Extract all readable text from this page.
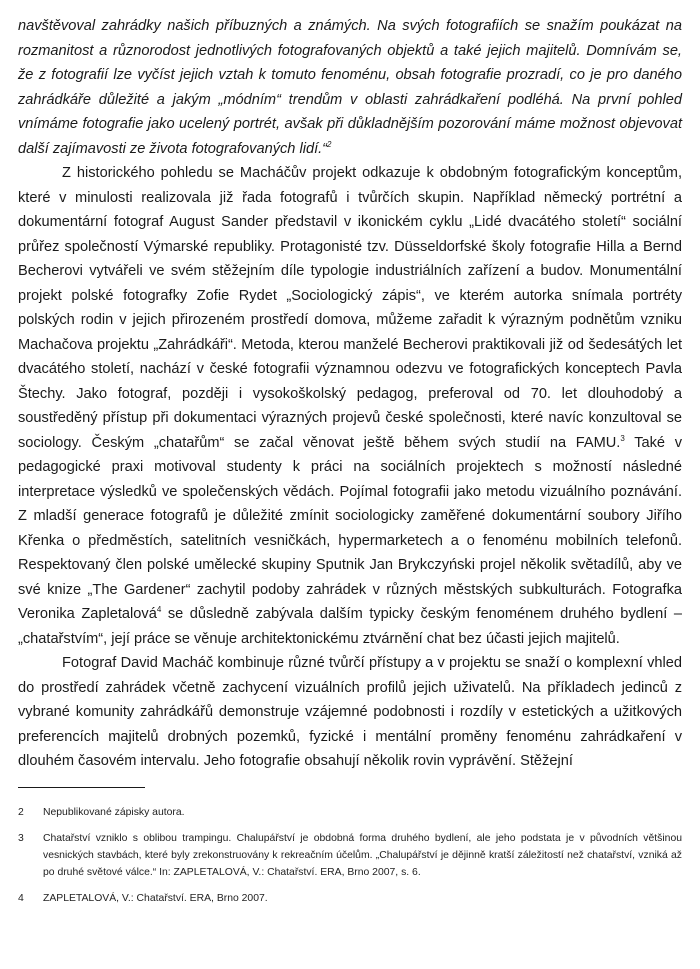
navštěvoval zahrádky našich příbuzných a známých. Na svých fotografiích se snažím poukázat na rozmanitost a různorodost jednotlivých fotografovaných objektů a také jejich majitelů. Domnívám se, že z fotografií lze vyčíst jejich vztah k tomuto fenoménu, obsah fotografie prozradí, co je pro daného zahrádkáře důležité a jakým „módním“ trendům v oblasti zahrádkaření podléhá. Na první pohled vnímáme fotografie jako ucelený portrét, avšak při důkladnějším pozorování máme možnost objevovat další zajímavosti ze života fotografovaných lidí.“$^2$

Z historického pohledu se Macháčův projekt odkazuje k obdobným fotografickým konceptům, které v minulosti realizovala již řada fotografů i tvůrčích skupin. Například německý portrétní a dokumentární fotograf August Sander představil v ikonickém cyklu „Lidé dvacátého století“ sociální průřez společností Výmarské republiky. Protagonisté tzv. Düsseldorfské školy fotografie Hilla a Bernd Becherovi vytvářeli ve svém stěžejním díle typologie industriálních zařízení a budov. Monumentální projekt polské fotografky Zofie Rydet „Sociologický zápis“, ve kterém autorka snímala portréty polských rodin v jejich přirozeném prostředí domova, můžeme zařadit k výrazným podnětům vzniku Machačova projektu „Zahrádkáři“. Metoda, kterou manželé Becherovi praktikovali již od šedesátých let dvacátého století, nachází v české fotografii významnou odezvu ve fotografických konceptech Pavla Štechy. Jako fotograf, později i vysokoškolský pedagog, preferoval od 70. let dlouhodobý a soustředěný přístup při dokumentaci výrazných projevů české společnosti, které navíc konzultoval se sociology. Českým „chatařům“ se začal věnovat ještě během svých studií na FAMU.$^3$ Také v pedagogické praxi motivoval studenty k práci na sociálních projektech s možností následné interpretace výsledků ve společenských vědách. Pojímal fotografii jako metodu vizuálního poznávání. Z mladší generace fotografů je důležité zmínit sociologicky zaměřené dokumentární soubory Jiřího Křenka o předměstích, satelitních vesničkách, hypermarketech a o fenoménu mobilních telefonů. Respektovaný člen polské umělecké skupiny Sputnik Jan Brykczyński projel několik světadílů, aby ve své knize „The Gardener“ zachytil podoby zahrádek v různých městských subkulturách. Fotografka Veronika Zapletalová$^4$ se důsledně zabývala dalším typicky českým fenoménem druhého bydlení – „chatařstvím“, její práce se věnuje architektonickému ztvárnění chat bez účasti jejich majitelů.

Fotograf David Macháč kombinuje různé tvůrčí přístupy a v projektu se snaží o komplexní vhled do prostředí zahrádek včetně zachycení vizuálních profilů jejich uživatelů. Na příkladech jedinců z vybrané komunity zahrádkářů demonstruje vzájemné podobnosti i rozdíly v estetických a užitkových preferencích majitelů drobných pozemků, fyzické i mentální proměny fenoménu zahrádkaření v dlouhém časovém intervalu. Jeho fotografie obsahují několik rovin vyprávění. Stěžejní

2	Nepublikované zápisky autora.
3	Chatařství vzniklo s oblibou trampingu. Chalupářství je obdobná forma druhého bydlení, ale jeho podstata je v původních většinou vesnických stavbách, které byly zrekonstruovány k rekreačním účelům. „Chalupářství je dějinně kratší záležitostí než chatařství, vzniká až po druhé světové válce.“ In: ZAPLETALOVÁ, V.: Chatařství. ERA, Brno 2007, s. 6.
4	ZAPLETALOVÁ, V.: Chatařství. ERA, Brno 2007.
